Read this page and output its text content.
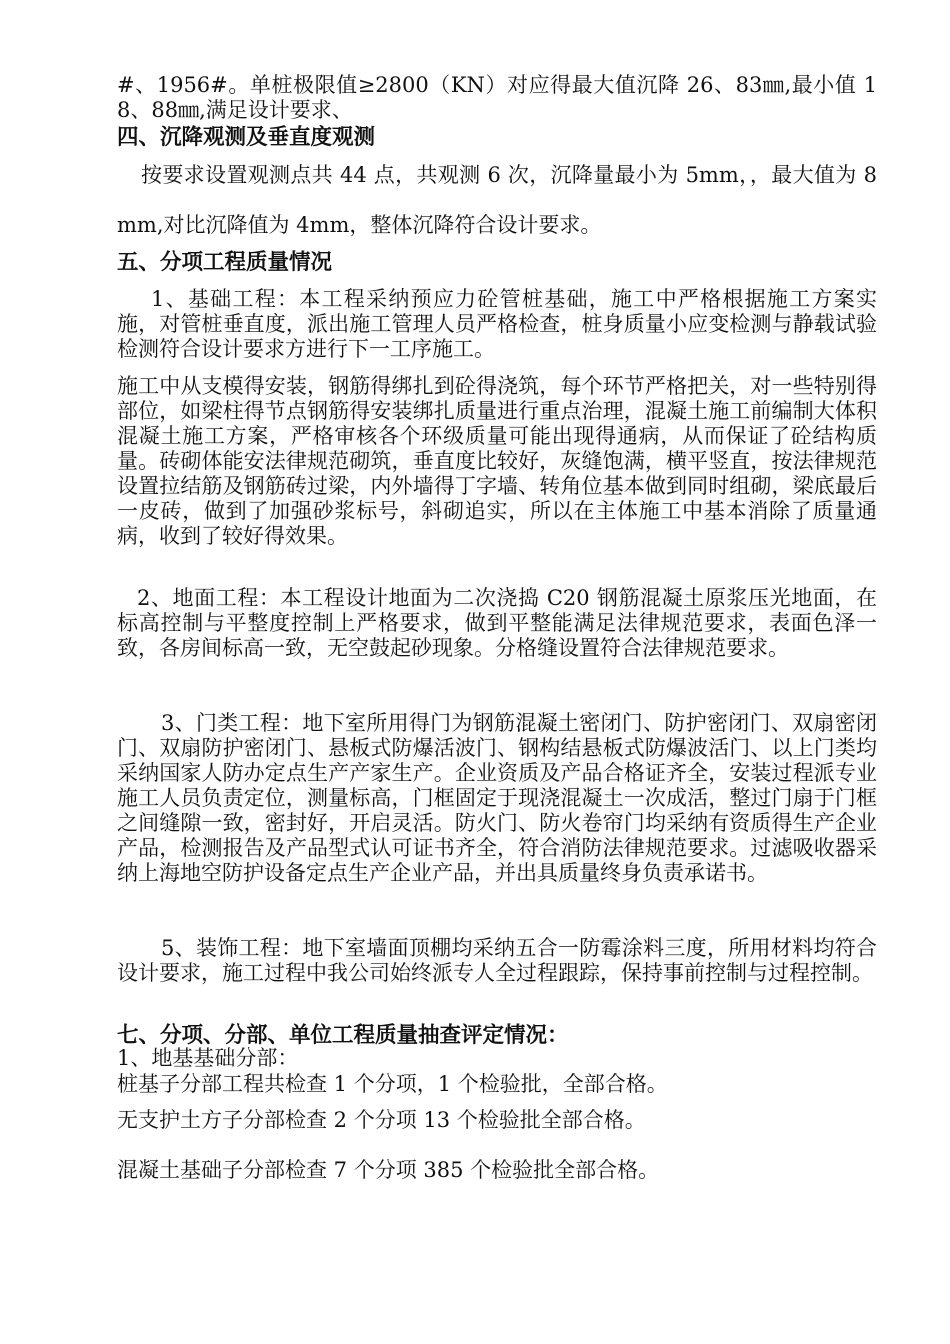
#、1956#。单桩极限值≥2800（KN）对应得最大值沉降 26、83㎜,最小值 18、88㎜,满足设计要求、

四、沉降观测及垂直度观测

按要求设置观测点共 44 点，共观测 6 次，沉降量最小为 5mm，，最大值为 8mm,对比沉降值为 4mm，整体沉降符合设计要求。

五、分项工程质量情况

1、基础工程：本工程采纳预应力砼管桩基础，施工中严格根据施工方案实施，对管桩垂直度，派出施工管理人员严格检查，桩身质量小应变检测与静载试验检测符合设计要求方进行下一工序施工。

施工中从支模得安装，钢筋得绑扎到砼得浇筑，每个环节严格把关，对一些特别得部位，如梁柱得节点钢筋得安装绑扎质量进行重点治理，混凝土施工前编制大体积混凝土施工方案，严格审核各个环级质量可能出现得通病，从而保证了砼结构质量。砖砌体能安法律规范砌筑，垂直度比较好，灰缝饱满，横平竖直，按法律规范设置拉结筋及钢筋砖过梁，内外墙得丁字墙、转角位基本做到同时组砌，梁底最后一皮砖，做到了加强砂浆标号，斜砌追实，所以在主体施工中基本消除了质量通病，收到了较好得效果。

2、地面工程：本工程设计地面为二次浇捣 C20 钢筋混凝土原浆压光地面，在标高控制与平整度控制上严格要求，做到平整能满足法律规范要求，表面色泽一致，各房间标高一致，无空鼓起砂现象。分格缝设置符合法律规范要求。

3、门类工程：地下室所用得门为钢筋混凝土密闭门、防护密闭门、双扇密闭门、双扇防护密闭门、悬板式防爆活波门、钢构结悬板式防爆波活门、以上门类均采纳国家人防办定点生产产家生产。企业资质及产品合格证齐全，安装过程派专业施工人员负责定位，测量标高，门框固定于现浇混凝土一次成活，整过门扇于门框之间缝隙一致，密封好，开启灵活。防火门、防火卷帘门均采纳有资质得生产企业产品，检测报告及产品型式认可证书齐全，符合消防法律规范要求。过滤吸收器采纳上海地空防护设备定点生产企业产品，并出具质量终身负责承诺书。

5、装饰工程：地下室墙面顶棚均采纳五合一防霉涂料三度，所用材料均符合设计要求，施工过程中我公司始终派专人全过程跟踪，保持事前控制与过程控制。

七、分项、分部、单位工程质量抽查评定情况：

1、地基基础分部：

桩基子分部工程共检查 1 个分项，1 个检验批，全部合格。

无支护土方子分部检查 2 个分项 13 个检验批全部合格。

混凝土基础子分部检查 7 个分项 385 个检验批全部合格。
